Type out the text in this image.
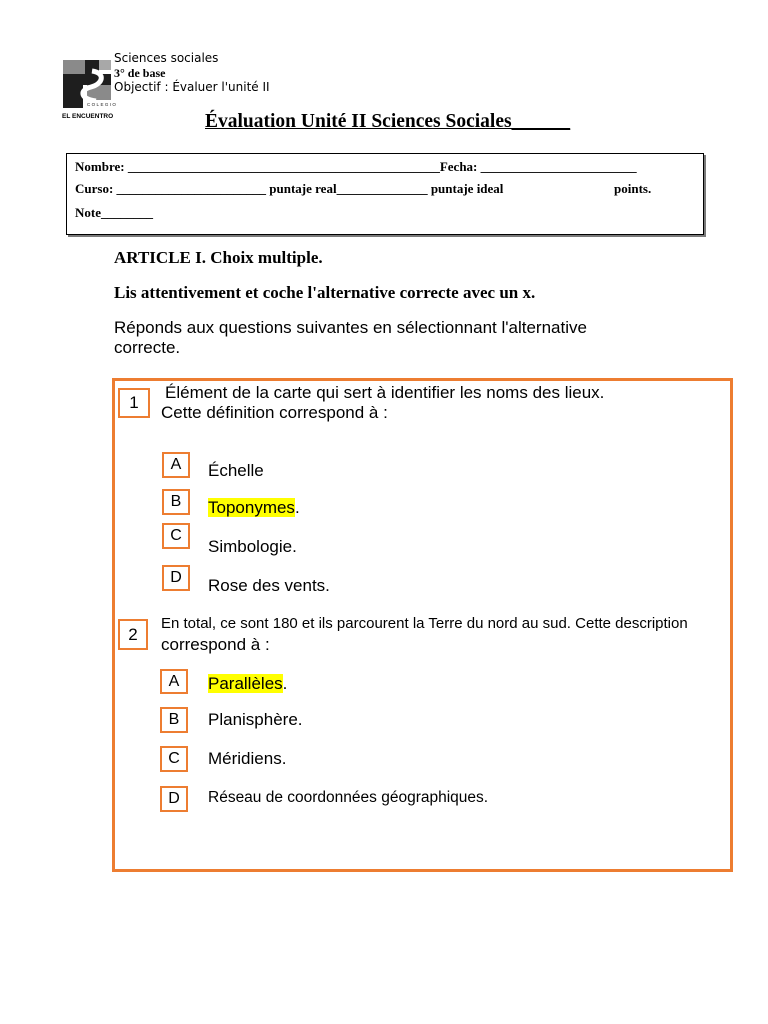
COLEGIO
EL ENCUENTRO
Sciences sociales
3° de base
Objectif : Évaluer l'unité II
Évaluation Unité II Sciences Sociales______
Nombre: ________________________________________________Fecha: ________________________
Curso: _______________________ puntaje real______________ puntaje ideal	points.
Note________
ARTICLE I. Choix multiple.
Lis attentivement et coche l'alternative correcte avec un x.
Réponds aux questions suivantes en sélectionnant l'alternative correcte.
1
Élément de la carte qui sert à identifier les noms des lieux.
Cette définition correspond à :
A	Échelle
B	Toponymes.
C
Simbologie.
D	Rose des vents.
2
En total, ce sont 180 et ils parcourent la Terre du nord au sud. Cette description
correspond à :
A	Parallèles.
B	Planisphère.
C	Méridiens.
D	Réseau de coordonnées géographiques.
